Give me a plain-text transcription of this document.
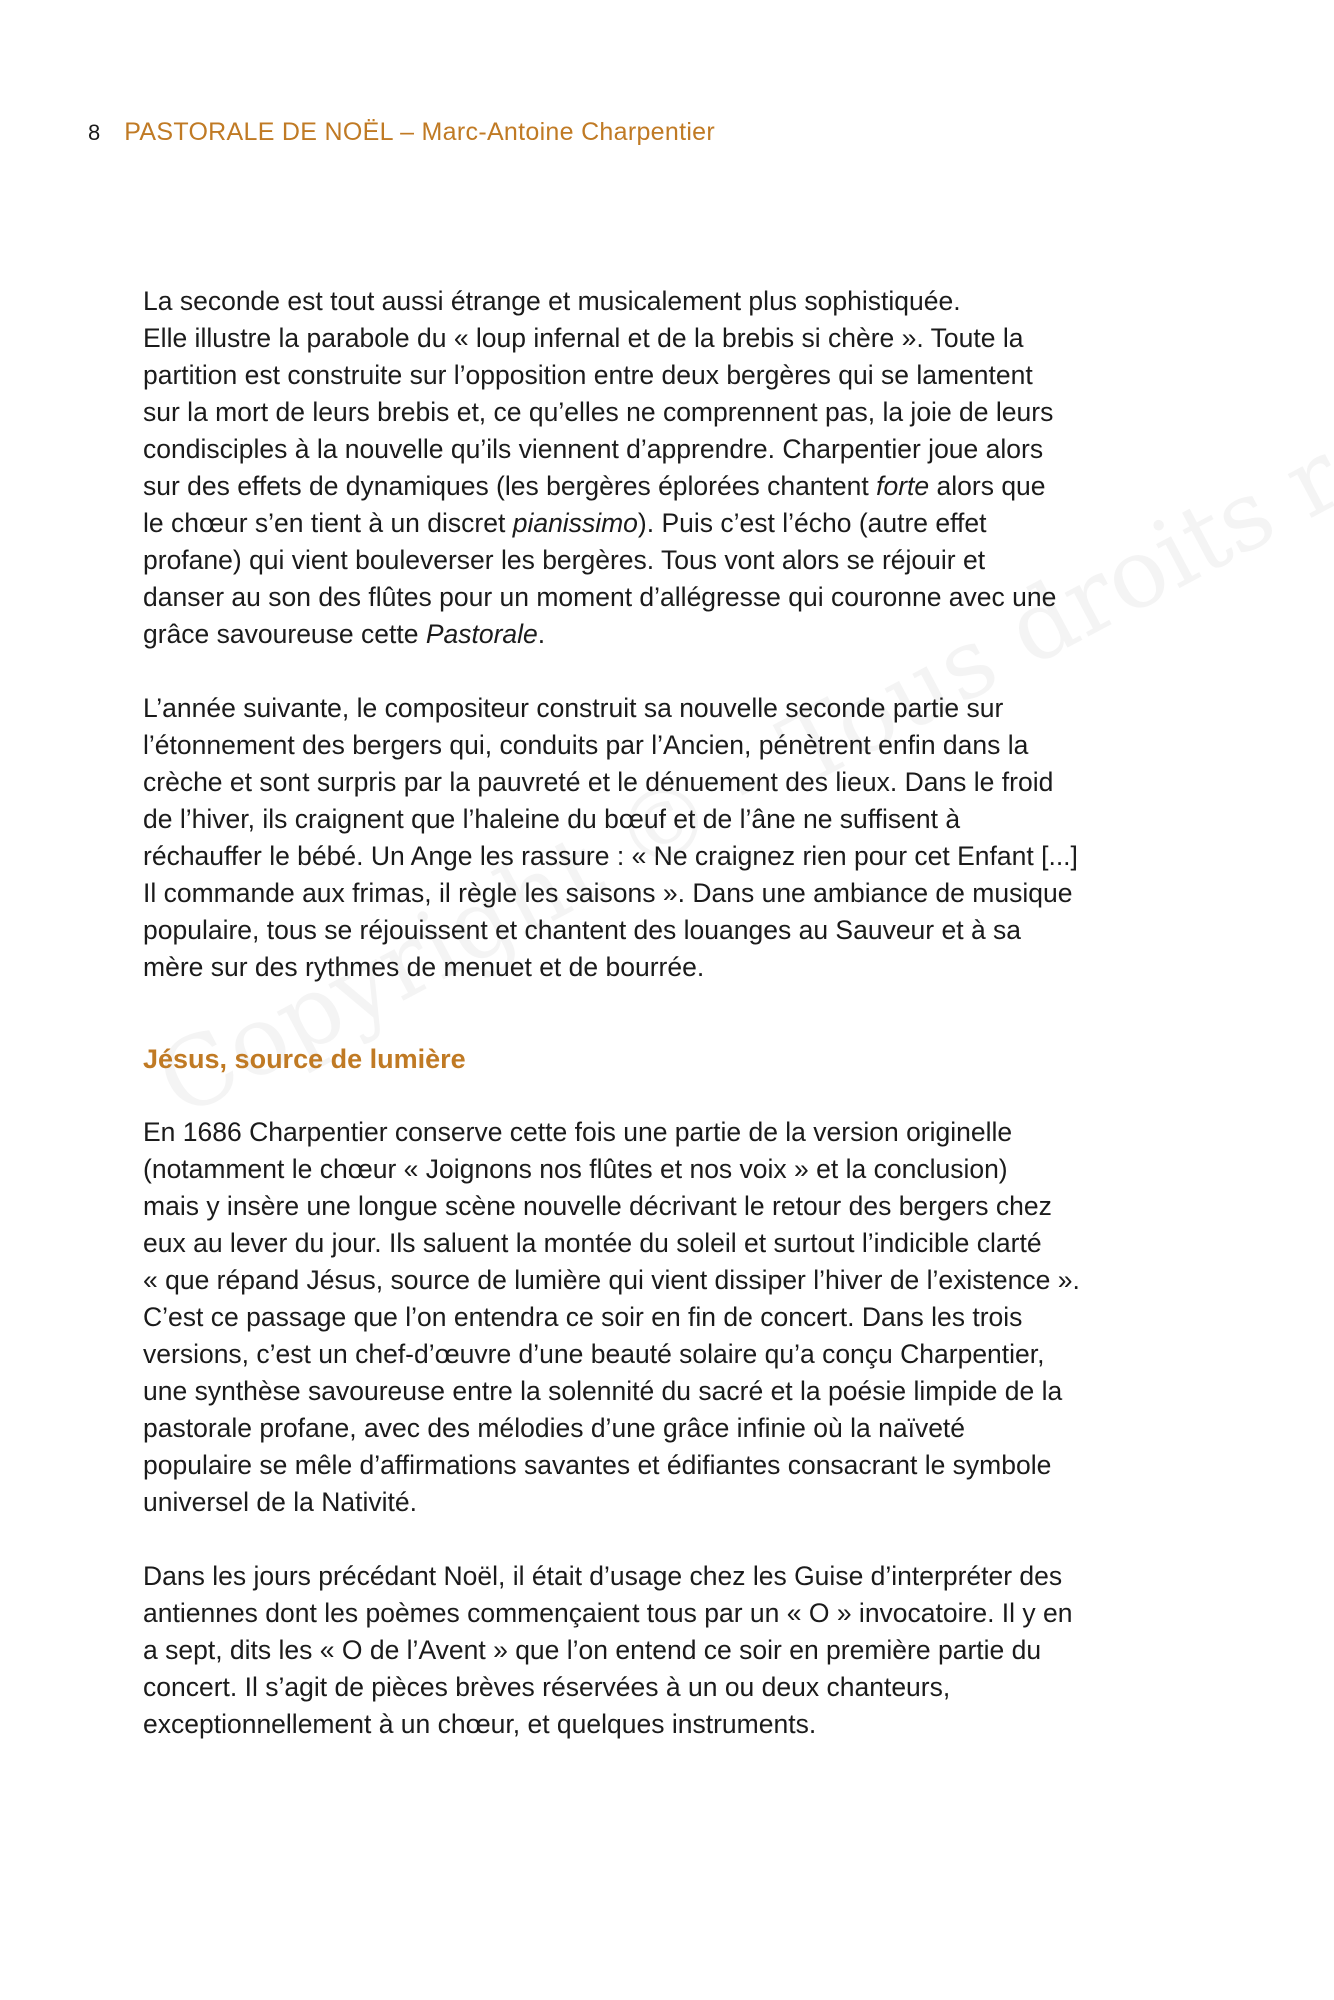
8 PASTORALE DE NOËL – Marc-Antoine Charpentier

La seconde est tout aussi étrange et musicalement plus sophistiquée.
Elle illustre la parabole du « loup infernal et de la brebis si chère ». Toute la
partition est construite sur l’opposition entre deux bergères qui se lamentent
sur la mort de leurs brebis et, ce qu’elles ne comprennent pas, la joie de leurs
condisciples à la nouvelle qu’ils viennent d’apprendre. Charpentier joue alors
sur des effets de dynamiques (les bergères éplorées chantent forte alors que
le chœur s’en tient à un discret pianissimo). Puis c’est l’écho (autre effet
profane) qui vient bouleverser les bergères. Tous vont alors se réjouir et
danser au son des flûtes pour un moment d’allégresse qui couronne avec une
grâce savoureuse cette Pastorale.

L’année suivante, le compositeur construit sa nouvelle seconde partie sur
l’étonnement des bergers qui, conduits par l’Ancien, pénètrent enfin dans la
crèche et sont surpris par la pauvreté et le dénuement des lieux. Dans le froid
de l’hiver, ils craignent que l’haleine du bœuf et de l’âne ne suffisent à
réchauffer le bébé. Un Ange les rassure : « Ne craignez rien pour cet Enfant [...]
Il commande aux frimas, il règle les saisons ». Dans une ambiance de musique
populaire, tous se réjouissent et chantent des louanges au Sauveur et à sa
mère sur des rythmes de menuet et de bourrée.

Jésus, source de lumière

En 1686 Charpentier conserve cette fois une partie de la version originelle
(notamment le chœur « Joignons nos flûtes et nos voix » et la conclusion)
mais y insère une longue scène nouvelle décrivant le retour des bergers chez
eux au lever du jour. Ils saluent la montée du soleil et surtout l’indicible clarté
« que répand Jésus, source de lumière qui vient dissiper l’hiver de l’existence ».
C’est ce passage que l’on entendra ce soir en fin de concert. Dans les trois
versions, c’est un chef-d’œuvre d’une beauté solaire qu’a conçu Charpentier,
une synthèse savoureuse entre la solennité du sacré et la poésie limpide de la
pastorale profane, avec des mélodies d’une grâce infinie où la naïveté
populaire se mêle d’affirmations savantes et édifiantes consacrant le symbole
universel de la Nativité.

Dans les jours précédant Noël, il était d’usage chez les Guise d’interpréter des
antiennes dont les poèmes commençaient tous par un « O » invocatoire. Il y en
a sept, dits les « O de l’Avent » que l’on entend ce soir en première partie du
concert. Il s’agit de pièces brèves réservées à un ou deux chanteurs,
exceptionnellement à un chœur, et quelques instruments.
